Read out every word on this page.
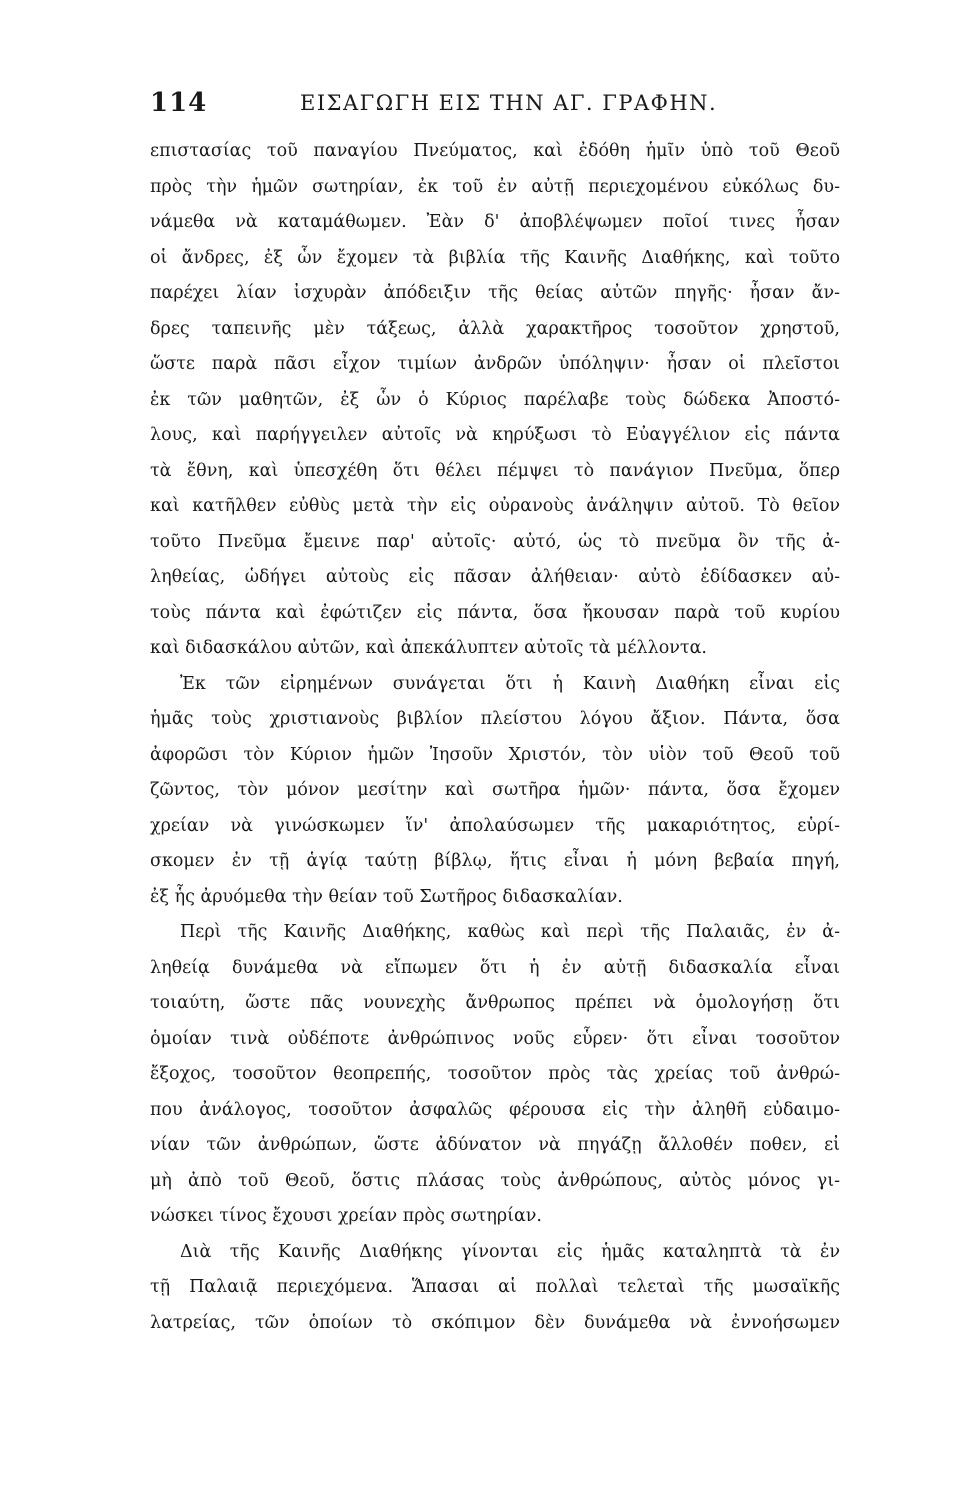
114	ΕΙΣΑΓΩΓΗ ΕΙΣ ΤΗΝ ΑΓ. ΓΡΑΦΗΝ.
επιστασίας τοῦ παναγίου Πνεύματος, καὶ ἐδόθη ἡμῖν ὑπὸ τοῦ Θεοῦ
πρὸς τὴν ἡμῶν σωτηρίαν, ἐκ τοῦ ἐν αὐτῇ περιεχομένου εὐκόλως δυ-
νάμεθα νὰ καταμάθωμεν. Ἐὰν δ' ἀποβλέψωμεν ποῖοί τινες ἦσαν
οἱ ἄνδρες, ἐξ ὧν ἔχομεν τὰ βιβλία τῆς Καινῆς Διαθήκης, καὶ τοῦτο
παρέχει λίαν ἰσχυρὰν ἀπόδειξιν τῆς θείας αὐτῶν πηγῆς· ἦσαν ἄν-
δρες ταπεινῆς μὲν τάξεως, ἀλλὰ χαρακτῆρος τοσοῦτον χρηστοῦ,
ὥστε παρὰ πᾶσι εἶχον τιμίων ἀνδρῶν ὑπόληψιν· ἦσαν οἱ πλεῖστοι
ἐκ τῶν μαθητῶν, ἐξ ὧν ὁ Κύριος παρέλαβε τοὺς δώδεκα Ἀποστό-
λους, καὶ παρήγγειλεν αὐτοῖς νὰ κηρύξωσι τὸ Εὐαγγέλιον εἰς πάντα
τὰ ἔθνη, καὶ ὑπεσχέθη ὅτι θέλει πέμψει τὸ πανάγιον Πνεῦμα, ὅπερ
καὶ κατῆλθεν εὐθὺς μετὰ τὴν εἰς οὐρανοὺς ἀνάληψιν αὐτοῦ. Τὸ θεῖον
τοῦτο Πνεῦμα ἔμεινε παρ' αὐτοῖς· αὐτό, ὡς τὸ πνεῦμα ὂν τῆς ἀ-
ληθείας, ὡδήγει αὐτοὺς εἰς πᾶσαν ἀλήθειαν· αὐτὸ ἐδίδασκεν αὐ-
τοὺς πάντα καὶ ἐφώτιζεν εἰς πάντα, ὅσα ἤκουσαν παρὰ τοῦ κυρίου
καὶ διδασκάλου αὐτῶν, καὶ ἀπεκάλυπτεν αὐτοῖς τὰ μέλλοντα.
Ἐκ τῶν εἰρημένων συνάγεται ὅτι ἡ Καινὴ Διαθήκη εἶναι εἰς
ἡμᾶς τοὺς χριστιανοὺς βιβλίον πλείστου λόγου ἄξιον. Πάντα, ὅσα
ἀφορῶσι τὸν Κύριον ἡμῶν Ἰησοῦν Χριστόν, τὸν υἱὸν τοῦ Θεοῦ τοῦ
ζῶντος, τὸν μόνον μεσίτην καὶ σωτῆρα ἡμῶν· πάντα, ὅσα ἔχομεν
χρείαν νὰ γινώσκωμεν ἵν' ἀπολαύσωμεν τῆς μακαριότητος, εὑρί-
σκομεν ἐν τῇ ἁγίᾳ ταύτῃ βίβλῳ, ἥτις εἶναι ἡ μόνη βεβαία πηγή,
ἐξ ἧς ἀρυόμεθα τὴν θείαν τοῦ Σωτῆρος διδασκαλίαν.
Περὶ τῆς Καινῆς Διαθήκης, καθὼς καὶ περὶ τῆς Παλαιᾶς, ἐν ἀ-
ληθείᾳ δυνάμεθα νὰ εἴπωμεν ὅτι ἡ ἐν αὐτῇ διδασκαλία εἶναι
τοιαύτη, ὥστε πᾶς νουνεχὴς ἄνθρωπος πρέπει νὰ ὁμολογήσῃ ὅτι
ὁμοίαν τινὰ οὐδέποτε ἀνθρώπινος νοῦς εὗρεν· ὅτι εἶναι τοσοῦτον
ἔξοχος, τοσοῦτον θεοπρεπής, τοσοῦτον πρὸς τὰς χρείας τοῦ ἀνθρώ-
που ἀνάλογος, τοσοῦτον ἀσφαλῶς φέρουσα εἰς τὴν ἀληθῆ εὐδαιμο-
νίαν τῶν ἀνθρώπων, ὥστε ἀδύνατον νὰ πηγάζῃ ἄλλοθέν ποθεν, εἰ
μὴ ἀπὸ τοῦ Θεοῦ, ὅστις πλάσας τοὺς ἀνθρώπους, αὐτὸς μόνος γι-
νώσκει τίνος ἔχουσι χρείαν πρὸς σωτηρίαν.
Διὰ τῆς Καινῆς Διαθήκης γίνονται εἰς ἡμᾶς καταληπτὰ τὰ ἐν
τῇ Παλαιᾷ περιεχόμενα. Ἅπασαι αἱ πολλαὶ τελεταὶ τῆς μωσαϊκῆς
λατρείας, τῶν ὁποίων τὸ σκόπιμον δὲν δυνάμεθα νὰ ἐννοήσωμεν
